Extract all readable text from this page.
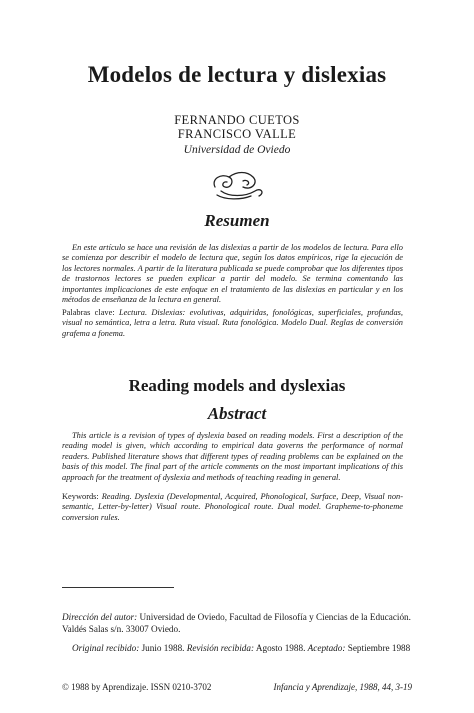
Modelos de lectura y dislexias
FERNANDO CUETOS
FRANCISCO VALLE
Universidad de Oviedo
Resumen

En este artículo se hace una revisión de las dislexias a partir de los modelos de lectura. Para ello se comienza por describir el modelo de lectura que, según los datos empíricos, rige la ejecución de los lectores normales. A partir de la literatura publicada se puede comprobar que los diferentes tipos de trastornos lectores se pueden explicar a partir del modelo. Se termina comentando las importantes implicaciones de este enfoque en el tratamiento de las dislexias en particular y en los métodos de enseñanza de la lectura en general.

Palabras clave: Lectura. Dislexias: evolutivas, adquiridas, fonológicas, superficiales, profundas, visual no semántica, letra a letra. Ruta visual. Ruta fonológica. Modelo Dual. Reglas de conversión grafema a fonema.

Reading models and dyslexias
Abstract

This article is a revision of types of dyslexia based on reading models. First a description of the reading model is given, which according to empirical data governs the performance of normal readers. Published literature shows that different types of reading problems can be explained on the basis of this model. The final part of the article comments on the most important implications of this approach for the treatment of dyslexia and methods of teaching reading in general.

Keywords: Reading. Dyslexia (Developmental, Acquired, Phonological, Surface, Deep, Visual non-semantic, Letter-by-letter) Visual route. Phonological route. Dual model. Grapheme-to-phoneme conversion rules.

Dirección del autor: Universidad de Oviedo, Facultad de Filosofía y Ciencias de la Educación. Valdés Salas s/n. 33007 Oviedo.

Original recibido: Junio 1988. Revisión recibida: Agosto 1988. Aceptado: Septiembre 1988

© 1988 by Aprendizaje. ISSN 0210-3702	Infancia y Aprendizaje, 1988, 44, 3-19
